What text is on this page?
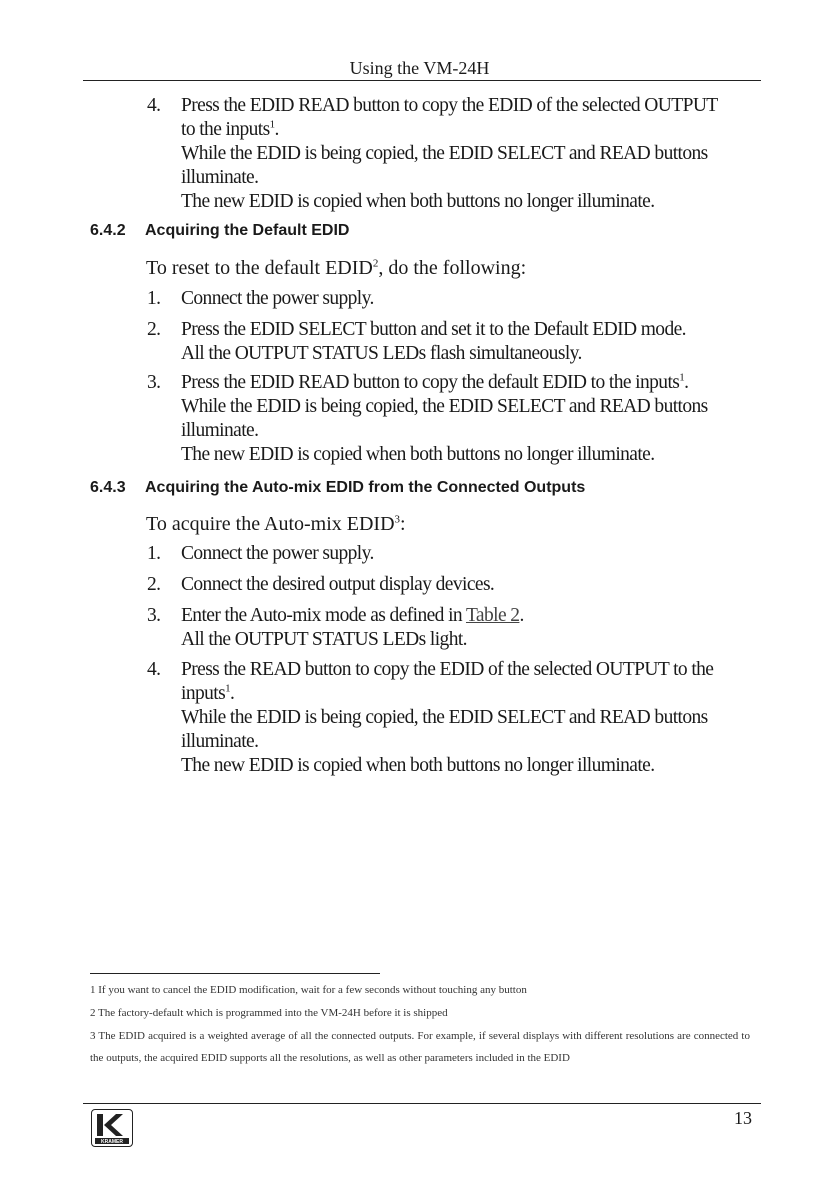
Using the VM-24H
4.	Press the EDID READ button to copy the EDID of the selected OUTPUT
to the inputs$^1$.
While the EDID is being copied, the EDID SELECT and READ buttons
illuminate.
The new EDID is copied when both buttons no longer illuminate.
6.4.2 Acquiring the Default EDID
To reset to the default EDID$^2$, do the following:
1.	Connect the power supply.
2.	Press the EDID SELECT button and set it to the Default EDID mode.
All the OUTPUT STATUS LEDs flash simultaneously.
3.	Press the EDID READ button to copy the default EDID to the inputs$^1$.
While the EDID is being copied, the EDID SELECT and READ buttons
illuminate.
The new EDID is copied when both buttons no longer illuminate.
6.4.3 Acquiring the Auto-mix EDID from the Connected Outputs
To acquire the Auto-mix EDID$^3$:
1.	Connect the power supply.
2.	Connect the desired output display devices.
3.	Enter the Auto-mix mode as defined in Table 2.
All the OUTPUT STATUS LEDs light.
4.	Press the READ button to copy the EDID of the selected OUTPUT to the
inputs$^1$.
While the EDID is being copied, the EDID SELECT and READ buttons
illuminate.
The new EDID is copied when both buttons no longer illuminate.
1 If you want to cancel the EDID modification, wait for a few seconds without touching any button
2 The factory-default which is programmed into the VM-24H before it is shipped
3 The EDID acquired is a weighted average of all the connected outputs. For example, if several displays with different resolutions are connected to the outputs, the acquired EDID supports all the resolutions, as well as other parameters included in the EDID
KRAMER
13
